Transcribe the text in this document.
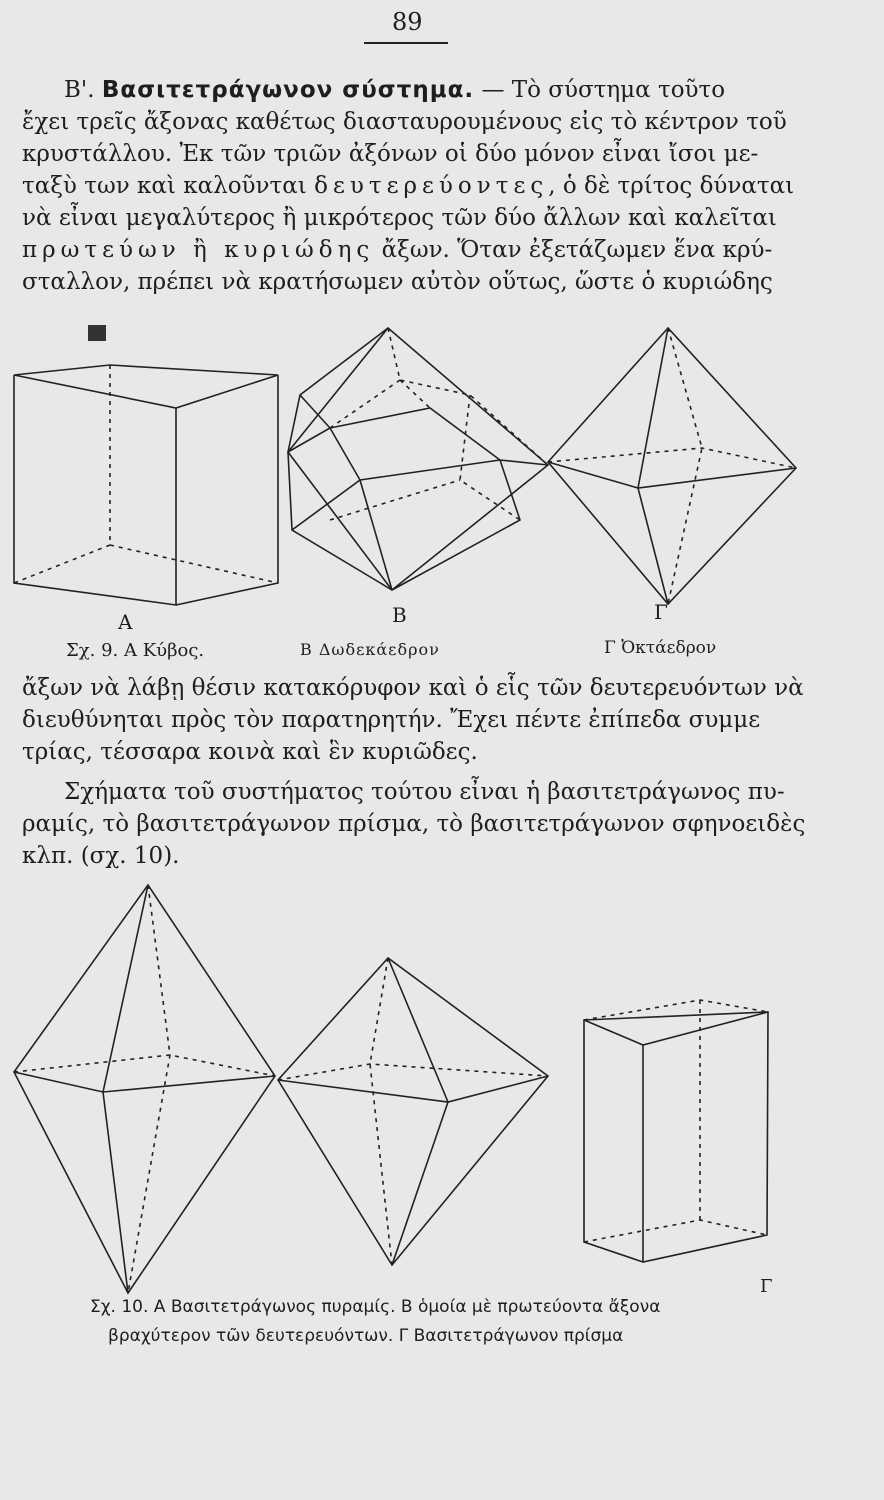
89
Β'. Βασιτετράγωνον σύστημα. — Τὸ σύστημα τοῦτο
ἔχει τρεῖς ἄξονας καθέτως διασταυρουμένους εἰς τὸ κέντρον τοῦ
κρυστάλλου. Ἐκ τῶν τριῶν ἀξόνων οἱ δύο μόνον εἶναι ἴσοι με-
ταξὺ των καὶ καλοῦνται δευτερεύοντες, ὁ δὲ τρίτος δύναται
νὰ εἶναι μεγαλύτερος ἢ μικρότερος τῶν δύο ἄλλων καὶ καλεῖται
πρωτεύων ἢ κυριώδης ἄξων. Ὅταν ἐξετάζωμεν ἕνα κρύ-
σταλλον, πρέπει νὰ κρατήσωμεν αὐτὸν οὕτως, ὥστε ὁ κυριώδης
A	B	Γ
Σχ. 9. Α Κύβος.	Β Δωδεκάεδρον	Γ Ὀκτάεδρον
ἄξων νὰ λάβῃ θέσιν κατακόρυφον καὶ ὁ εἷς τῶν δευτερευόντων νὰ
διευθύνηται πρὸς τὸν παρατηρητήν. Ἔχει πέντε ἐπίπεδα συμμε
τρίας, τέσσαρα κοινὰ καὶ ἓν κυριῶδες.
Σχήματα τοῦ συστήματος τούτου εἶναι ἡ βασιτετράγωνος πυ-
ραμίς, τὸ βασιτετράγωνον πρίσμα, τὸ βασιτετράγωνον σφηνοειδὲς
κλπ. (σχ. 10).
Γ
Σχ. 10. Α Βασιτετράγωνος πυραμίς. Β ὁμοία μὲ πρωτεύοντα ἄξονα
βραχύτερον τῶν δευτερευόντων. Γ Βασιτετράγωνον πρίσμα
